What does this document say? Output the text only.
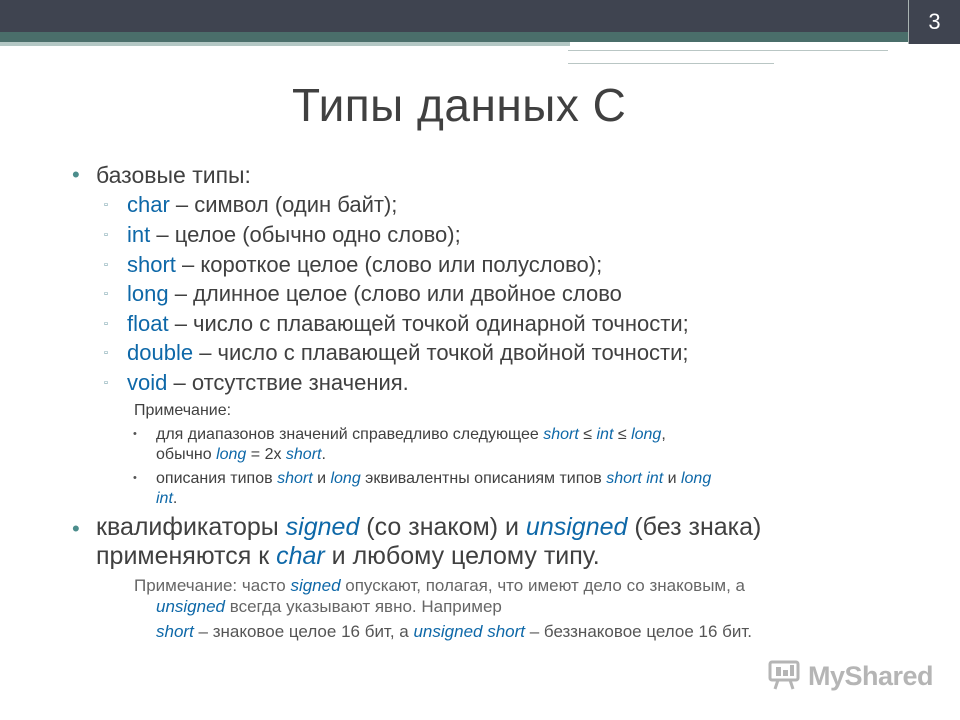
3
Типы данных С
• базовые типы:
▫ char – символ (один байт);
▫ int – целое (обычно одно слово);
▫ short – короткое целое (слово или полуслово);
▫ long – длинное целое (слово или двойное слово
▫ float – число с плавающей точкой одинарной точности;
▫ double – число с плавающей точкой двойной точности;
▫ void – отсутствие значения.
Примечание:
• для диапазонов значений справедливо следующее short ≤ int ≤ long,
обычно long = 2x short.
• описания типов short и long эквивалентны описаниям типов short int и long
int.
• квалификаторы signed (со знаком) и unsigned (без знака)
применяются к char и любому целому типу.
Примечание: часто signed опускают, полагая, что имеют дело со знаковым, а
unsigned всегда указывают явно. Например
short – знаковое целое 16 бит, а unsigned short – беззнаковое целое 16 бит.
MyShared
